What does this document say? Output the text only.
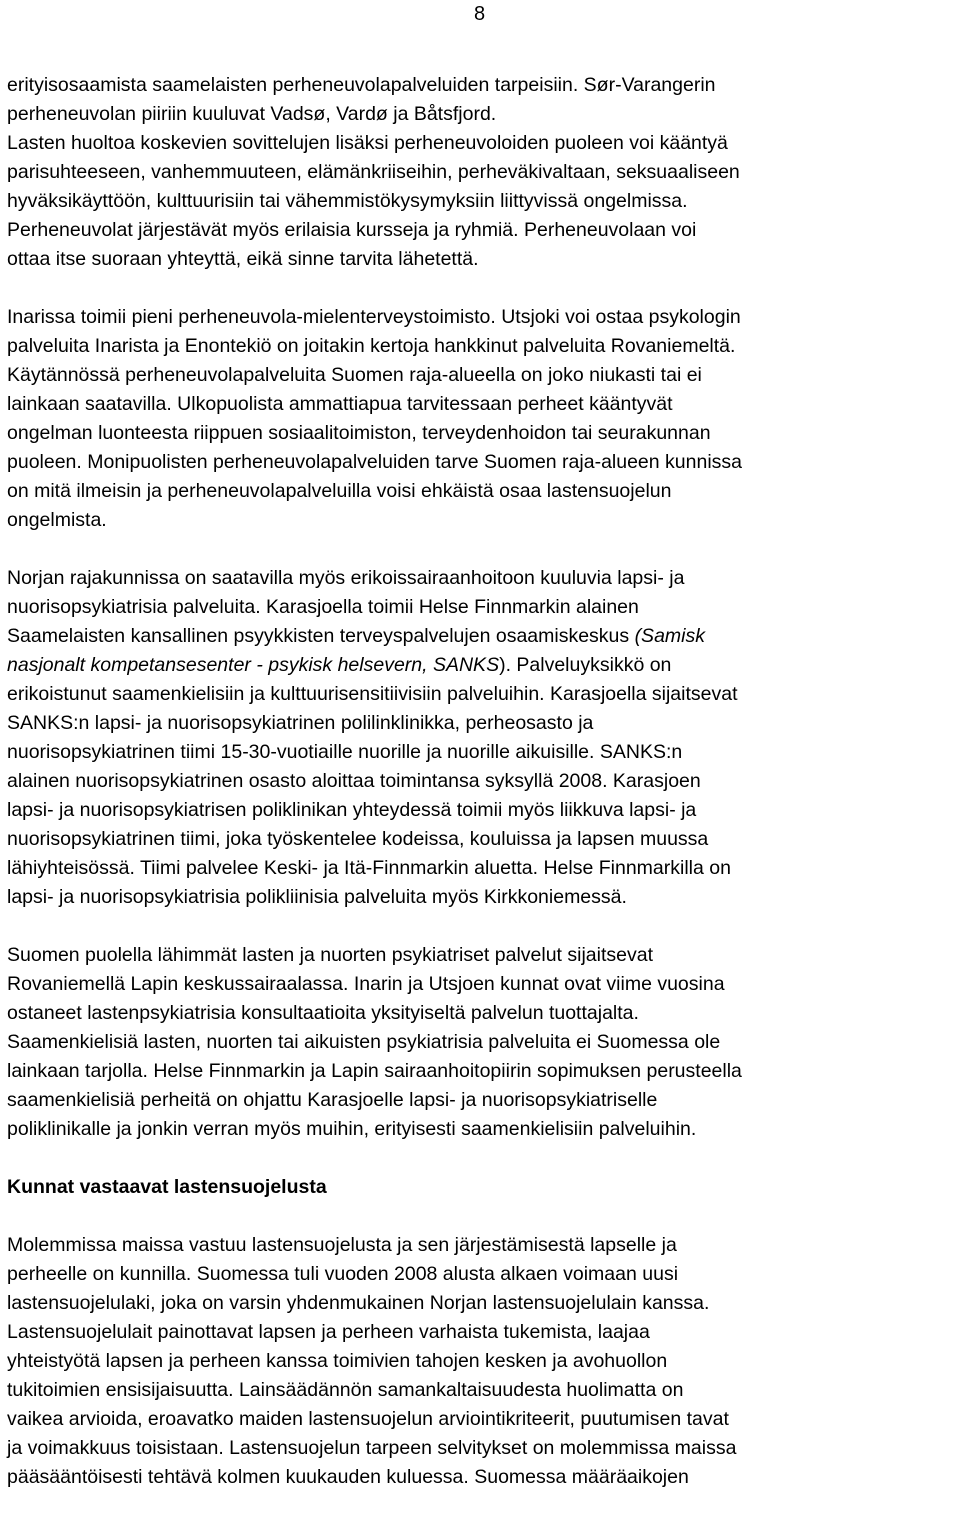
8

erityisosaamista saamelaisten perheneuvolapalveluiden tarpeisiin. Sør-Varangerin
perheneuvolan piiriin kuuluvat Vadsø, Vardø ja Båtsfjord.
Lasten huoltoa koskevien sovittelujen lisäksi perheneuvoloiden puoleen voi kääntyä
parisuhteeseen, vanhemmuuteen, elämänkriiseihin, perheväkivaltaan, seksuaaliseen
hyväksikäyttöön, kulttuurisiin tai vähemmistökysymyksiin liittyvissä ongelmissa.
Perheneuvolat järjestävät myös erilaisia kursseja ja ryhmiä. Perheneuvolaan voi
ottaa itse suoraan yhteyttä, eikä sinne tarvita lähetettä.

Inarissa toimii pieni perheneuvola-mielenterveystoimisto. Utsjoki voi ostaa psykologin
palveluita Inarista ja Enontekiö on joitakin kertoja hankkinut palveluita Rovaniemeltä.
Käytännössä perheneuvolapalveluita Suomen raja-alueella on joko niukasti tai ei
lainkaan saatavilla. Ulkopuolista ammattiapua tarvitessaan perheet kääntyvät
ongelman luonteesta riippuen sosiaalitoimiston, terveydenhoidon tai seurakunnan
puoleen. Monipuolisten perheneuvolapalveluiden tarve Suomen raja-alueen kunnissa
on mitä ilmeisin ja perheneuvolapalveluilla voisi ehkäistä osaa lastensuojelun
ongelmista.

Norjan rajakunnissa on saatavilla myös erikoissairaanhoitoon kuuluvia lapsi- ja
nuorisopsykiatrisia palveluita. Karasjoella toimii Helse Finnmarkin alainen
Saamelaisten kansallinen psyykkisten terveyspalvelujen osaamiskeskus (Samisk
nasjonalt kompetansesenter - psykisk helsevern, SANKS). Palveluyksikkö on
erikoistunut saamenkielisiin ja kulttuurisensitiivisiin palveluihin. Karasjoella sijaitsevat
SANKS:n lapsi- ja nuorisopsykiatrinen polilinklinikka, perheosasto ja
nuorisopsykiatrinen tiimi 15-30-vuotiaille nuorille ja nuorille aikuisille. SANKS:n
alainen nuorisopsykiatrinen osasto aloittaa toimintansa syksyllä 2008. Karasjoen
lapsi- ja nuorisopsykiatrisen poliklinikan yhteydessä toimii myös liikkuva lapsi- ja
nuorisopsykiatrinen tiimi, joka työskentelee kodeissa, kouluissa ja lapsen muussa
lähiyhteisössä. Tiimi palvelee Keski- ja Itä-Finnmarkin aluetta. Helse Finnmarkilla on
lapsi- ja nuorisopsykiatrisia polikliinisia palveluita myös Kirkkoniemessä.

Suomen puolella lähimmät lasten ja nuorten psykiatriset palvelut sijaitsevat
Rovaniemellä Lapin keskussairaalassa. Inarin ja Utsjoen kunnat ovat viime vuosina
ostaneet lastenpsykiatrisia konsultaatioita yksityiseltä palvelun tuottajalta.
Saamenkielisiä lasten, nuorten tai aikuisten psykiatrisia palveluita ei Suomessa ole
lainkaan tarjolla. Helse Finnmarkin ja Lapin sairaanhoitopiirin sopimuksen perusteella
saamenkielisiä perheitä on ohjattu Karasjoelle lapsi- ja nuorisopsykiatriselle
poliklinikalle ja jonkin verran myös muihin, erityisesti saamenkielisiin palveluihin.

Kunnat vastaavat lastensuojelusta

Molemmissa maissa vastuu lastensuojelusta ja sen järjestämisestä lapselle ja
perheelle on kunnilla. Suomessa tuli vuoden 2008 alusta alkaen voimaan uusi
lastensuojelulaki, joka on varsin yhdenmukainen Norjan lastensuojelulain kanssa.
Lastensuojelulait painottavat lapsen ja perheen varhaista tukemista, laajaa
yhteistyötä lapsen ja perheen kanssa toimivien tahojen kesken ja avohuollon
tukitoimien ensisijaisuutta. Lainsäädännön samankaltaisuudesta huolimatta on
vaikea arvioida, eroavatko maiden lastensuojelun arviointikriteerit, puutumisen tavat
ja voimakkuus toisistaan. Lastensuojelun tarpeen selvitykset on molemmissa maissa
pääsääntöisesti tehtävä kolmen kuukauden kuluessa. Suomessa määräaikojen
